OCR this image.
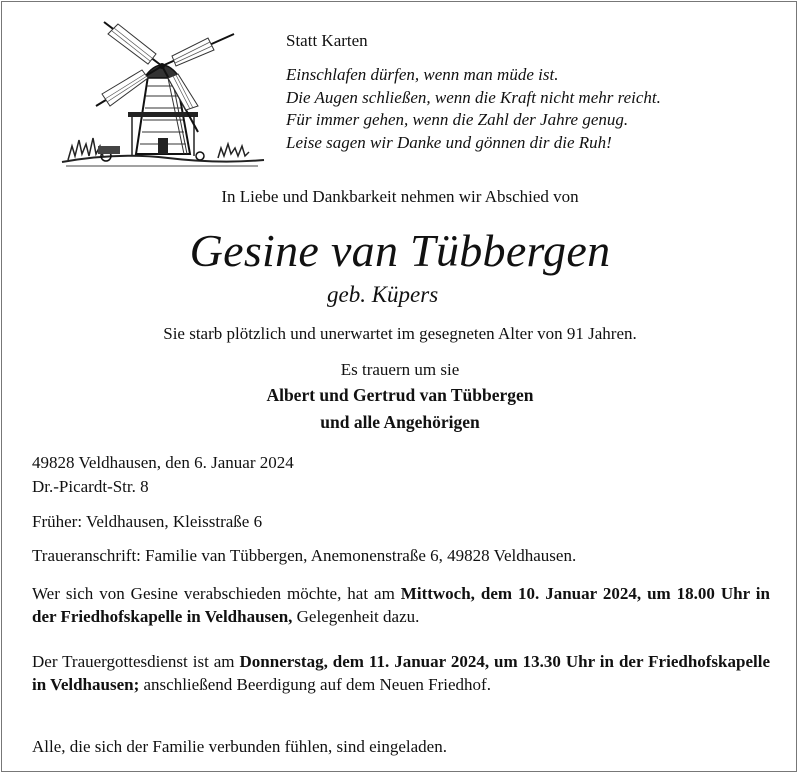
Statt Karten
Einschlafen dürfen, wenn man müde ist.
Die Augen schließen, wenn die Kraft nicht mehr reicht.
Für immer gehen, wenn die Zahl der Jahre genug.
Leise sagen wir Danke und gönnen dir die Ruh!
In Liebe und Dankbarkeit nehmen wir Abschied von
Gesine van Tübbergen
geb. Küpers
Sie starb plötzlich und unerwartet im gesegneten Alter von 91 Jahren.
Es trauern um sie
Albert und Gertrud van Tübbergen
und alle Angehörigen
49828 Veldhausen, den 6. Januar 2024
Dr.-Picardt-Str. 8
Früher: Veldhausen, Kleisstraße 6
Traueranschrift: Familie van Tübbergen, Anemonenstraße 6, 49828 Veldhausen.
Wer sich von Gesine verabschieden möchte, hat am Mittwoch, dem 10. Januar 2024, um 18.00 Uhr in der Friedhofskapelle in Veldhausen, Gelegenheit dazu.
Der Trauergottesdienst ist am Donnerstag, dem 11. Januar 2024, um 13.30 Uhr in der Friedhofskapelle in Veldhausen; anschließend Beerdigung auf dem Neuen Friedhof.
Alle, die sich der Familie verbunden fühlen, sind eingeladen.
